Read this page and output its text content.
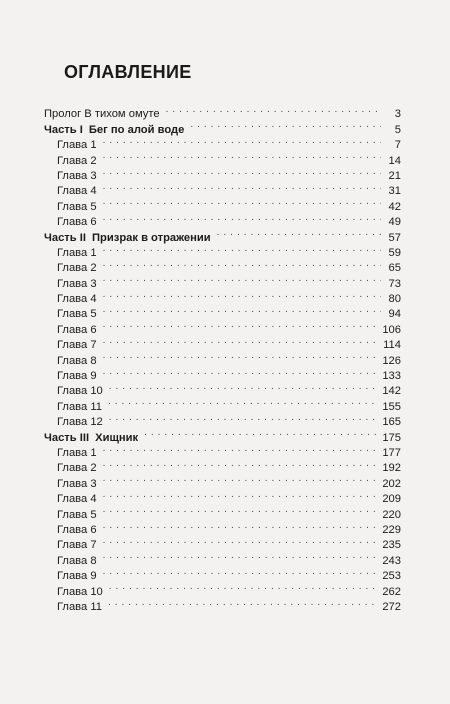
ОГЛАВЛЕНИЕ
Пролог В тихом омуте . . .	3
Часть I Бег по алой воде . . .	5
Глава 1 . . .	7
Глава 2 . . .	14
Глава 3 . . .	21
Глава 4 . . .	31
Глава 5 . . .	42
Глава 6 . . .	49
Часть II Призрак в отражении . . .	57
Глава 1 . . .	59
Глава 2 . . .	65
Глава 3 . . .	73
Глава 4 . . .	80
Глава 5 . . .	94
Глава 6 . . .	106
Глава 7 . . .	114
Глава 8 . . .	126
Глава 9 . . .	133
Глава 10 . . .	142
Глава 11 . . .	155
Глава 12 . . .	165
Часть III Хищник . . .	175
Глава 1 . . .	177
Глава 2 . . .	192
Глава 3 . . .	202
Глава 4 . . .	209
Глава 5 . . .	220
Глава 6 . . .	229
Глава 7 . . .	235
Глава 8 . . .	243
Глава 9 . . .	253
Глава 10 . . .	262
Глава 11 . . .	272
